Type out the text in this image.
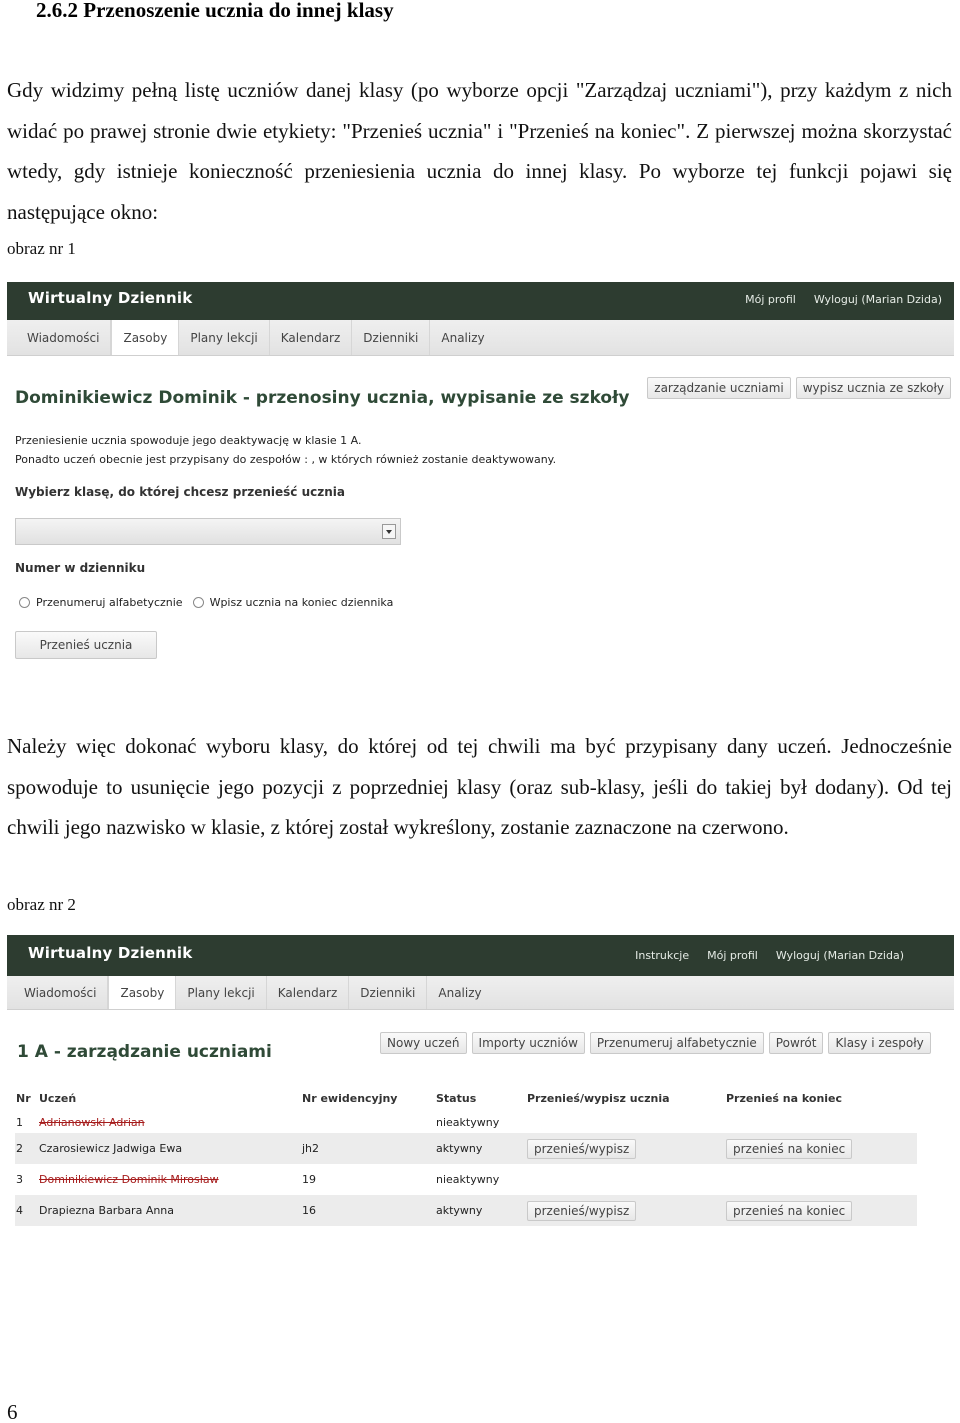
2.6.2 Przenoszenie ucznia do innej klasy
Gdy widzimy pełną listę uczniów danej klasy (po wyborze opcji "Zarządzaj uczniami"), przy każdym z nich widać po prawej stronie dwie etykiety: "Przenieś ucznia" i "Przenieś na koniec". Z pierwszej można skorzystać wtedy, gdy istnieje konieczność przeniesienia ucznia do innej klasy. Po wyborze tej funkcji pojawi się następujące okno:
obraz nr 1
Wirtualny Dziennik	Mój profil Wyloguj (Marian Dzida)
Wiadomości	Zasoby	Plany lekcji	Kalendarz	Dzienniki	Analizy
Dominikiewicz Dominik - przenosiny ucznia, wypisanie ze szkoły	zarządzanie uczniami	wypisz ucznia ze szkoły
Przeniesienie ucznia spowoduje jego deaktywację w klasie 1 A.
Ponadto uczeń obecnie jest przypisany do zespołów : , w których również zostanie deaktywowany.
Wybierz klasę, do której chcesz przenieść ucznia
Numer w dzienniku
Przenumeruj alfabetycznie Wpisz ucznia na koniec dziennika
Przenieś ucznia
Należy więc dokonać wyboru klasy, do której od tej chwili ma być przypisany dany uczeń. Jednocześnie spowoduje to usunięcie jego pozycji z poprzedniej klasy (oraz sub-klasy, jeśli do takiej był dodany). Od tej chwili jego nazwisko w klasie, z której został wykreślony, zostanie zaznaczone na czerwono.
obraz nr 2
Wirtualny Dziennik	Instrukcje Mój profil Wyloguj (Marian Dzida)
Wiadomości	Zasoby	Plany lekcji	Kalendarz	Dzienniki	Analizy
1 A - zarządzanie uczniami	Nowy uczeń	Importy uczniów	Przenumeruj alfabetycznie	Powrót	Klasy i zespoły
Nr	Uczeń	Nr ewidencyjny	Status	Przenieś/wypisz ucznia	Przenieś na koniec
1	Adrianowski Adrian		nieaktywny		
2	Czarosiewicz Jadwiga Ewa	jh2	aktywny	przenieś/wypisz	przenieś na koniec
3	Dominikiewicz Dominik Mirosław	19	nieaktywny		
4	Drapiezna Barbara Anna	16	aktywny	przenieś/wypisz	przenieś na koniec
6
